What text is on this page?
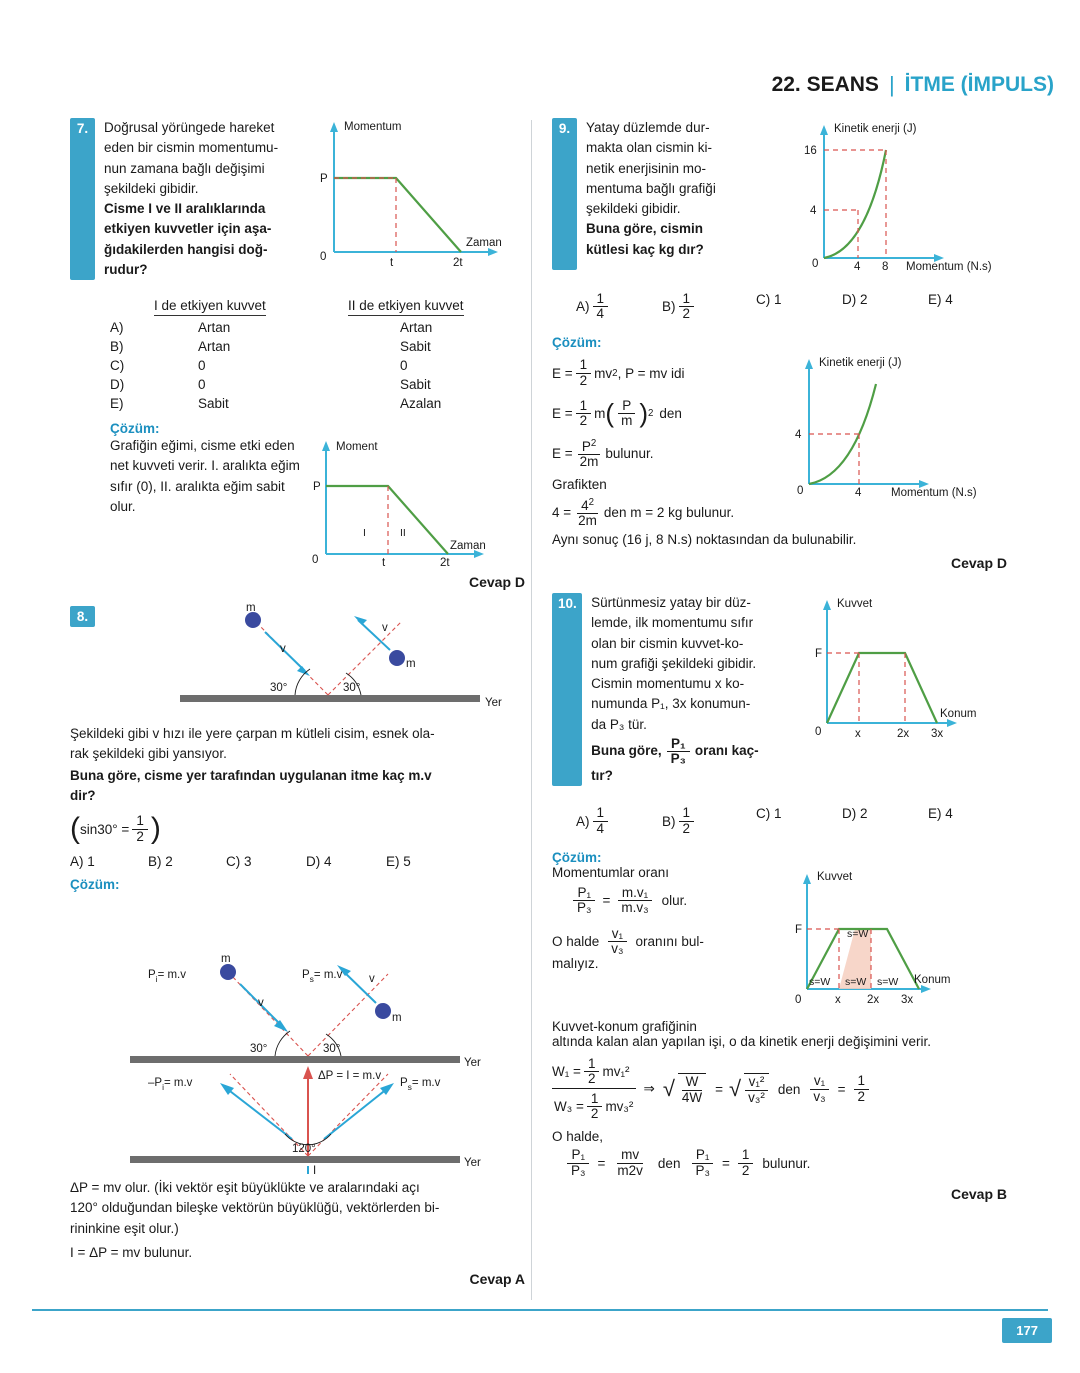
22. SEANS | İTME (İMPULS)
7.	Doğrusal yörüngede hareket
eden bir cismin momentumu-
nun zamana bağlı değişimi
şekildeki gibidir.
Cisme I ve II aralıklarında
etkiyen kuvvetler için aşa-
ğıdakilerden hangisi doğ-
rudur?
Momentum
Zaman
P
0	t	2t
	I de etkiyen kuvvet	II de etkiyen kuvvet
A)	Artan	Artan
B)	Artan	Sabit
C)	0	0
D)	0	Sabit
E)	Sabit	Azalan
Çözüm:
Grafiğin eğimi, cisme etki eden
net kuvveti verir. I. aralıkta eğim
sıfır (0), II. aralıkta eğim sabit
olur.
Moment
Zaman
P
0	t	2t
I	II
Cevap D
8.
Yer
m
v
m
v
30°	30°
Şekildeki gibi v hızı ile yere çarpan m kütleli cisim, esnek ola-
rak şekildeki gibi yansıyor.
Buna göre, cisme yer tarafından uygulanan itme kaç m.v
dir?
( $\sin 30^\circ = \frac{1}{2}$ )
A) 1	B) 2	C) 3	D) 4	E) 5
Çözüm:
Yer
m
$P_i= m.v$
v
m
v
$P_s= m.v$
30°	30°
ΔP = I = m.v
Yer
$-P_i= m.v$	$P_s= m.v$
120°
I
ΔP = mv olur. (İki vektör eşit büyüklükte ve aralarındaki açı
120° olduğundan bileşke vektörün büyüklüğü, vektörlerden bi-
rininkine eşit olur.)
I = ΔP = mv bulunur.
Cevap A
9.	Yatay düzlemde dur-
makta olan cismin ki-
netik enerjisinin mo-
mentuma bağlı grafiği
şekildeki gibidir.
Buna göre, cismin
kütlesi kaç kg dır?
Kinetik enerji (J)
Momentum (N.s)
16
4
0	4 8
$A) \frac{1}{4}$	$B) \frac{1}{2}$	C) 1	D) 2	E) 4
Çözüm:
$E = \frac{1}{2}$ mv 2 , P = mv idi
$E = \frac{1}{2}$ m ( $\frac{P}{m}$ ) 2 den
$E = \frac{P^2}{2m}$ bulunur.
Grafikten
$4 = \frac{4^2}{2m}$ den m = 2 kg bulunur.
Kinetik enerji (J)
Momentum (N.s)
4
0	4
Aynı sonuç (16 j, 8 N.s) noktasından da bulunabilir.
Cevap D
10.	Sürtünmesiz yatay bir düz-
lemde, ilk momentumu sıfır
olan bir cismin kuvvet-ko-
num grafiği şekildeki gibidir.
Cismin momentumu x ko-
numunda P₁, 3x konumun-
da P₃ tür.
Buna göre, $\frac{\text{P₁}}{\text{P₃}}$ oranı kaç-
tır?
Kuvvet
Konum
F
0	x	2x 3x
$A) \frac{1}{4}$	$B) \frac{1}{2}$	C) 1	D) 2	E) 4
Çözüm:
Momentumlar oranı
$\frac{\text{P₁}}{\text{P₃}} = \frac{\text{m.v₁}}{\text{m.v₃}}$ olur.
O halde $\frac{\text{v₁}}{\text{v₃}}$ oranını bul-
malıyız.
Kuvvet
Konum
F
0	x 2x 3x
s=W
s=W s=W s=W
Kuvvet-konum grafiğinin
altında kalan alan yapılan işi, o da kinetik enerji değişimini verir.
$W_1 = \frac{1}{2} mv_1^2$
$W_3 = \frac{1}{2} mv_3^2$
⇒ √ $\frac{W}{4W}$ = √ $\frac{\text{v₁²}}{\text{v₃²}}$ den $\frac{\text{v₁}}{\text{v₃}} = \frac{1}{2}$
O halde,
$\frac{\text{P₁}}{\text{P₃}} = \frac{mv}{m2v}$ den $\frac{\text{P₁}}{\text{P₃}} = \frac{1}{2}$ bulunur.
Cevap B
177
